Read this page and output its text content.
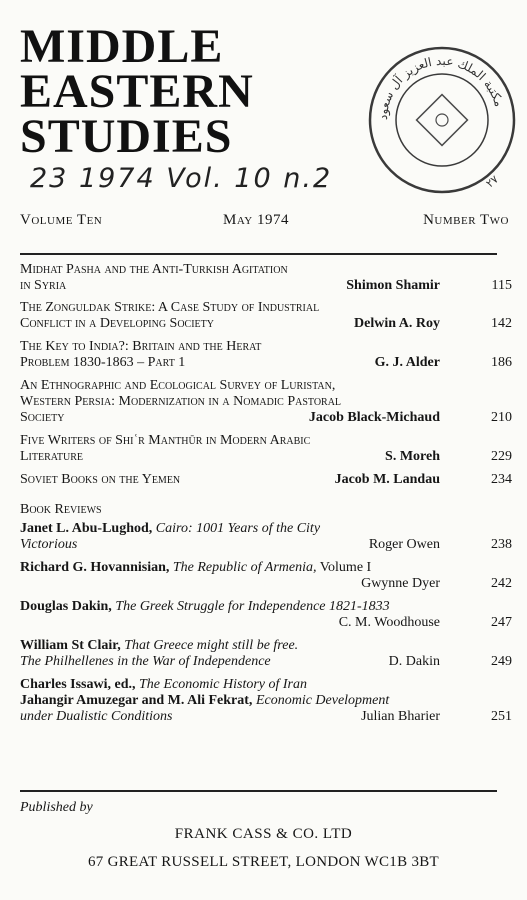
MIDDLE
EASTERN
STUDIES
23 1974 Vol. 10 n.2
مكتبة الملك عبد العزيز آل سعود
٢٧
Volume Ten	May 1974	Number Two
Midhat Pasha and the Anti-Turkish Agitation
in Syria	Shimon Shamir	115
The Zonguldak Strike: A Case Study of Industrial
Conflict in a Developing Society	Delwin A. Roy	142
The Key to India?: Britain and the Herat
Problem 1830-1863 – Part 1	G. J. Alder	186
An Ethnographic and Ecological Survey of Luristan,
Western Persia: Modernization in a Nomadic Pastoral
Society	Jacob Black-Michaud	210
Five Writers of Shiʿr Manthūr in Modern Arabic
Literature	S. Moreh	229
Soviet Books on the Yemen	Jacob M. Landau	234
Book Reviews
Janet L. Abu-Lughod, Cairo: 1001 Years of the City
Victorious	Roger Owen	238
Richard G. Hovannisian, The Republic of Armenia, Volume I

Gwynne Dyer	242
Douglas Dakin, The Greek Struggle for Independence 1821-1833

C. M. Woodhouse	247
William St Clair, That Greece might still be free.
The Philhellenes in the War of Independence	D. Dakin	249
Charles Issawi, ed., The Economic History of Iran
Jahangir Amuzegar and M. Ali Fekrat, Economic Development
under Dualistic Conditions	Julian Bharier	251
Published by
FRANK CASS & CO. LTD
67 GREAT RUSSELL STREET, LONDON WC1B 3BT
